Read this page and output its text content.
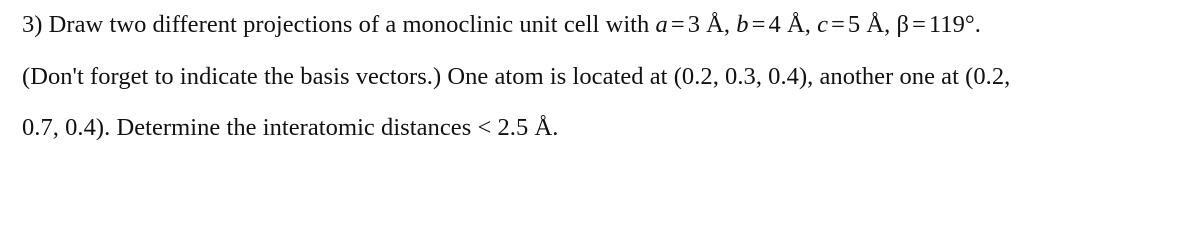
3) Draw two different projections of a monoclinic unit cell with a = 3 Å, b = 4 Å, c = 5 Å, β = 119°.
(Don't forget to indicate the basis vectors.) One atom is located at (0.2, 0.3, 0.4), another one at (0.2,
0.7, 0.4). Determine the interatomic distances < 2.5 Å.
